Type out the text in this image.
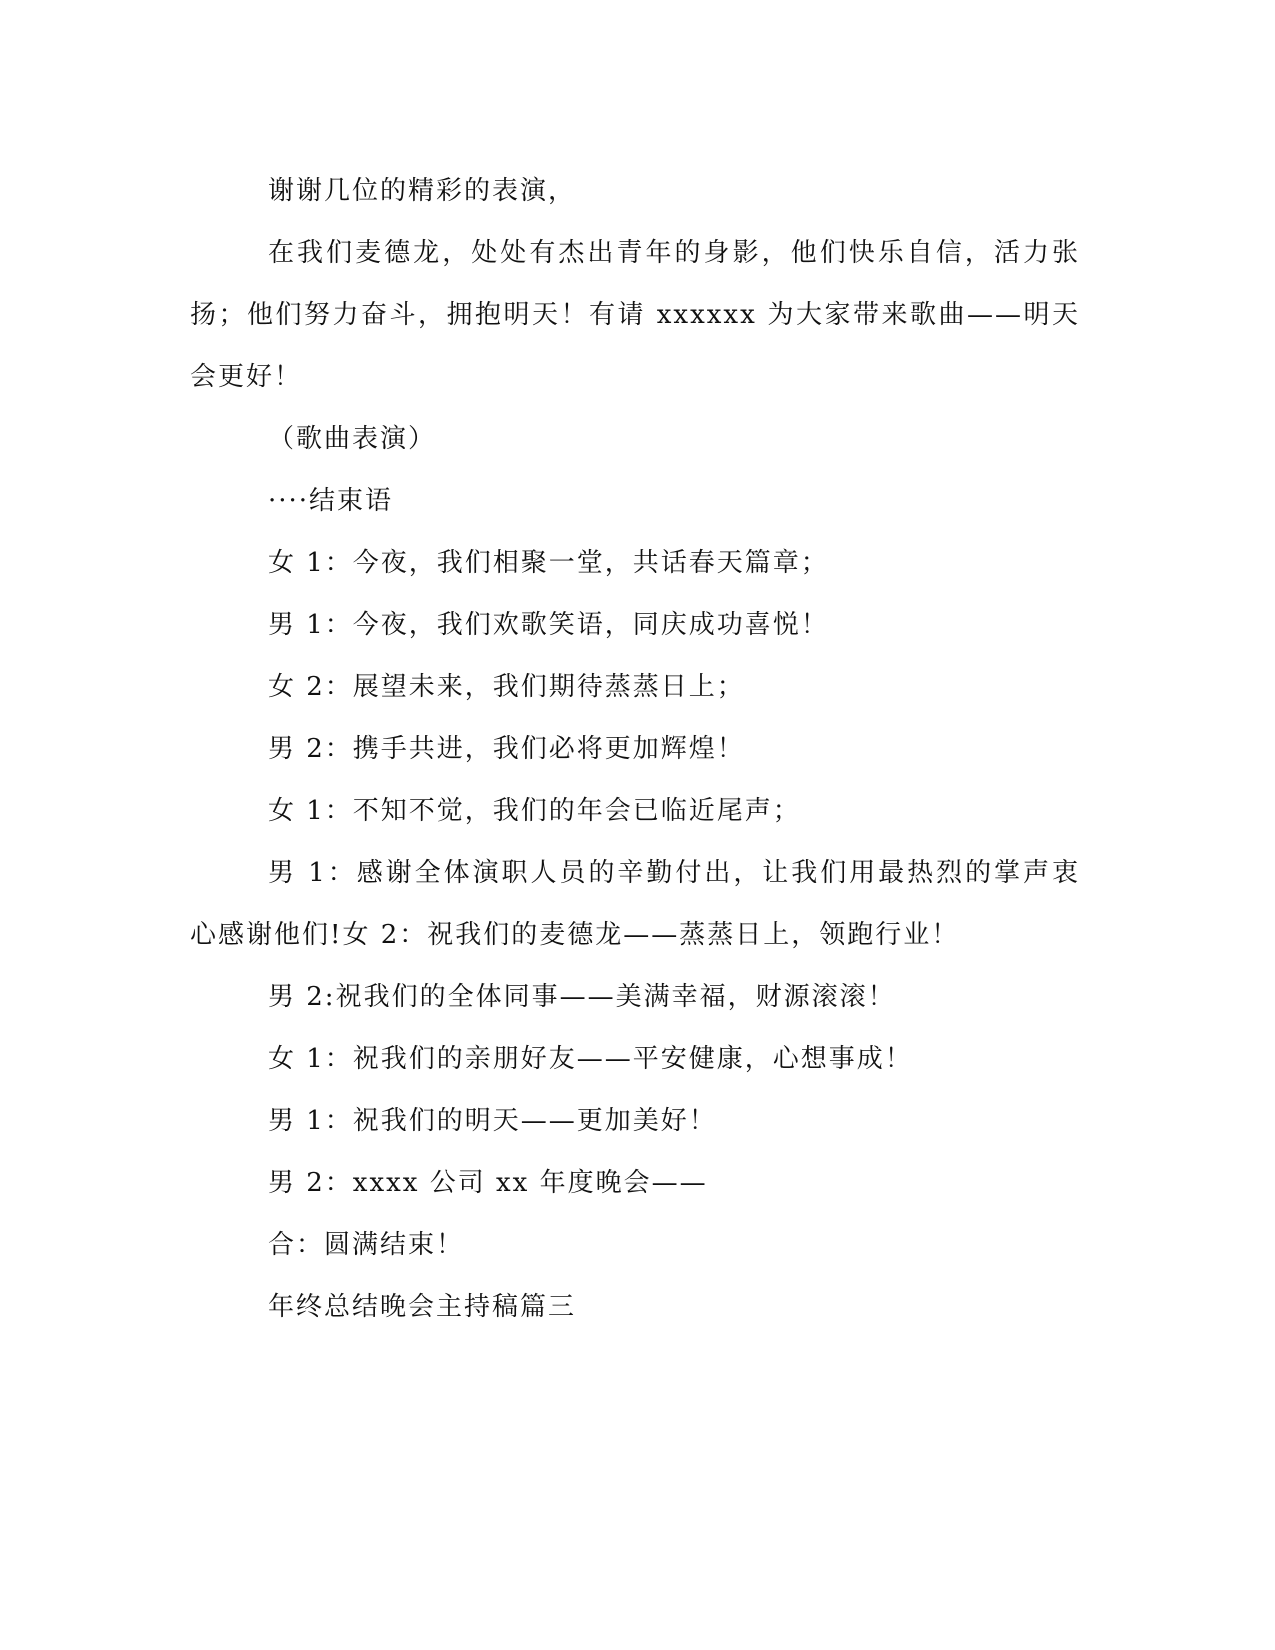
谢谢几位的精彩的表演，

在我们麦德龙，处处有杰出青年的身影，他们快乐自信，活力张扬；他们努力奋斗，拥抱明天！有请 xxxxxx 为大家带来歌曲——明天会更好！

（歌曲表演）

····结束语

女 1：今夜，我们相聚一堂，共话春天篇章；

男 1：今夜，我们欢歌笑语，同庆成功喜悦！

女 2：展望未来，我们期待蒸蒸日上；

男 2：携手共进，我们必将更加辉煌！

女 1：不知不觉，我们的年会已临近尾声；

男 1：感谢全体演职人员的辛勤付出，让我们用最热烈的掌声衷心感谢他们!女 2：祝我们的麦德龙——蒸蒸日上，领跑行业！

男 2:祝我们的全体同事——美满幸福，财源滚滚！

女 1：祝我们的亲朋好友——平安健康，心想事成！

男 1：祝我们的明天——更加美好！

男 2：xxxx 公司 xx 年度晚会——

合：圆满结束！

年终总结晚会主持稿篇三
